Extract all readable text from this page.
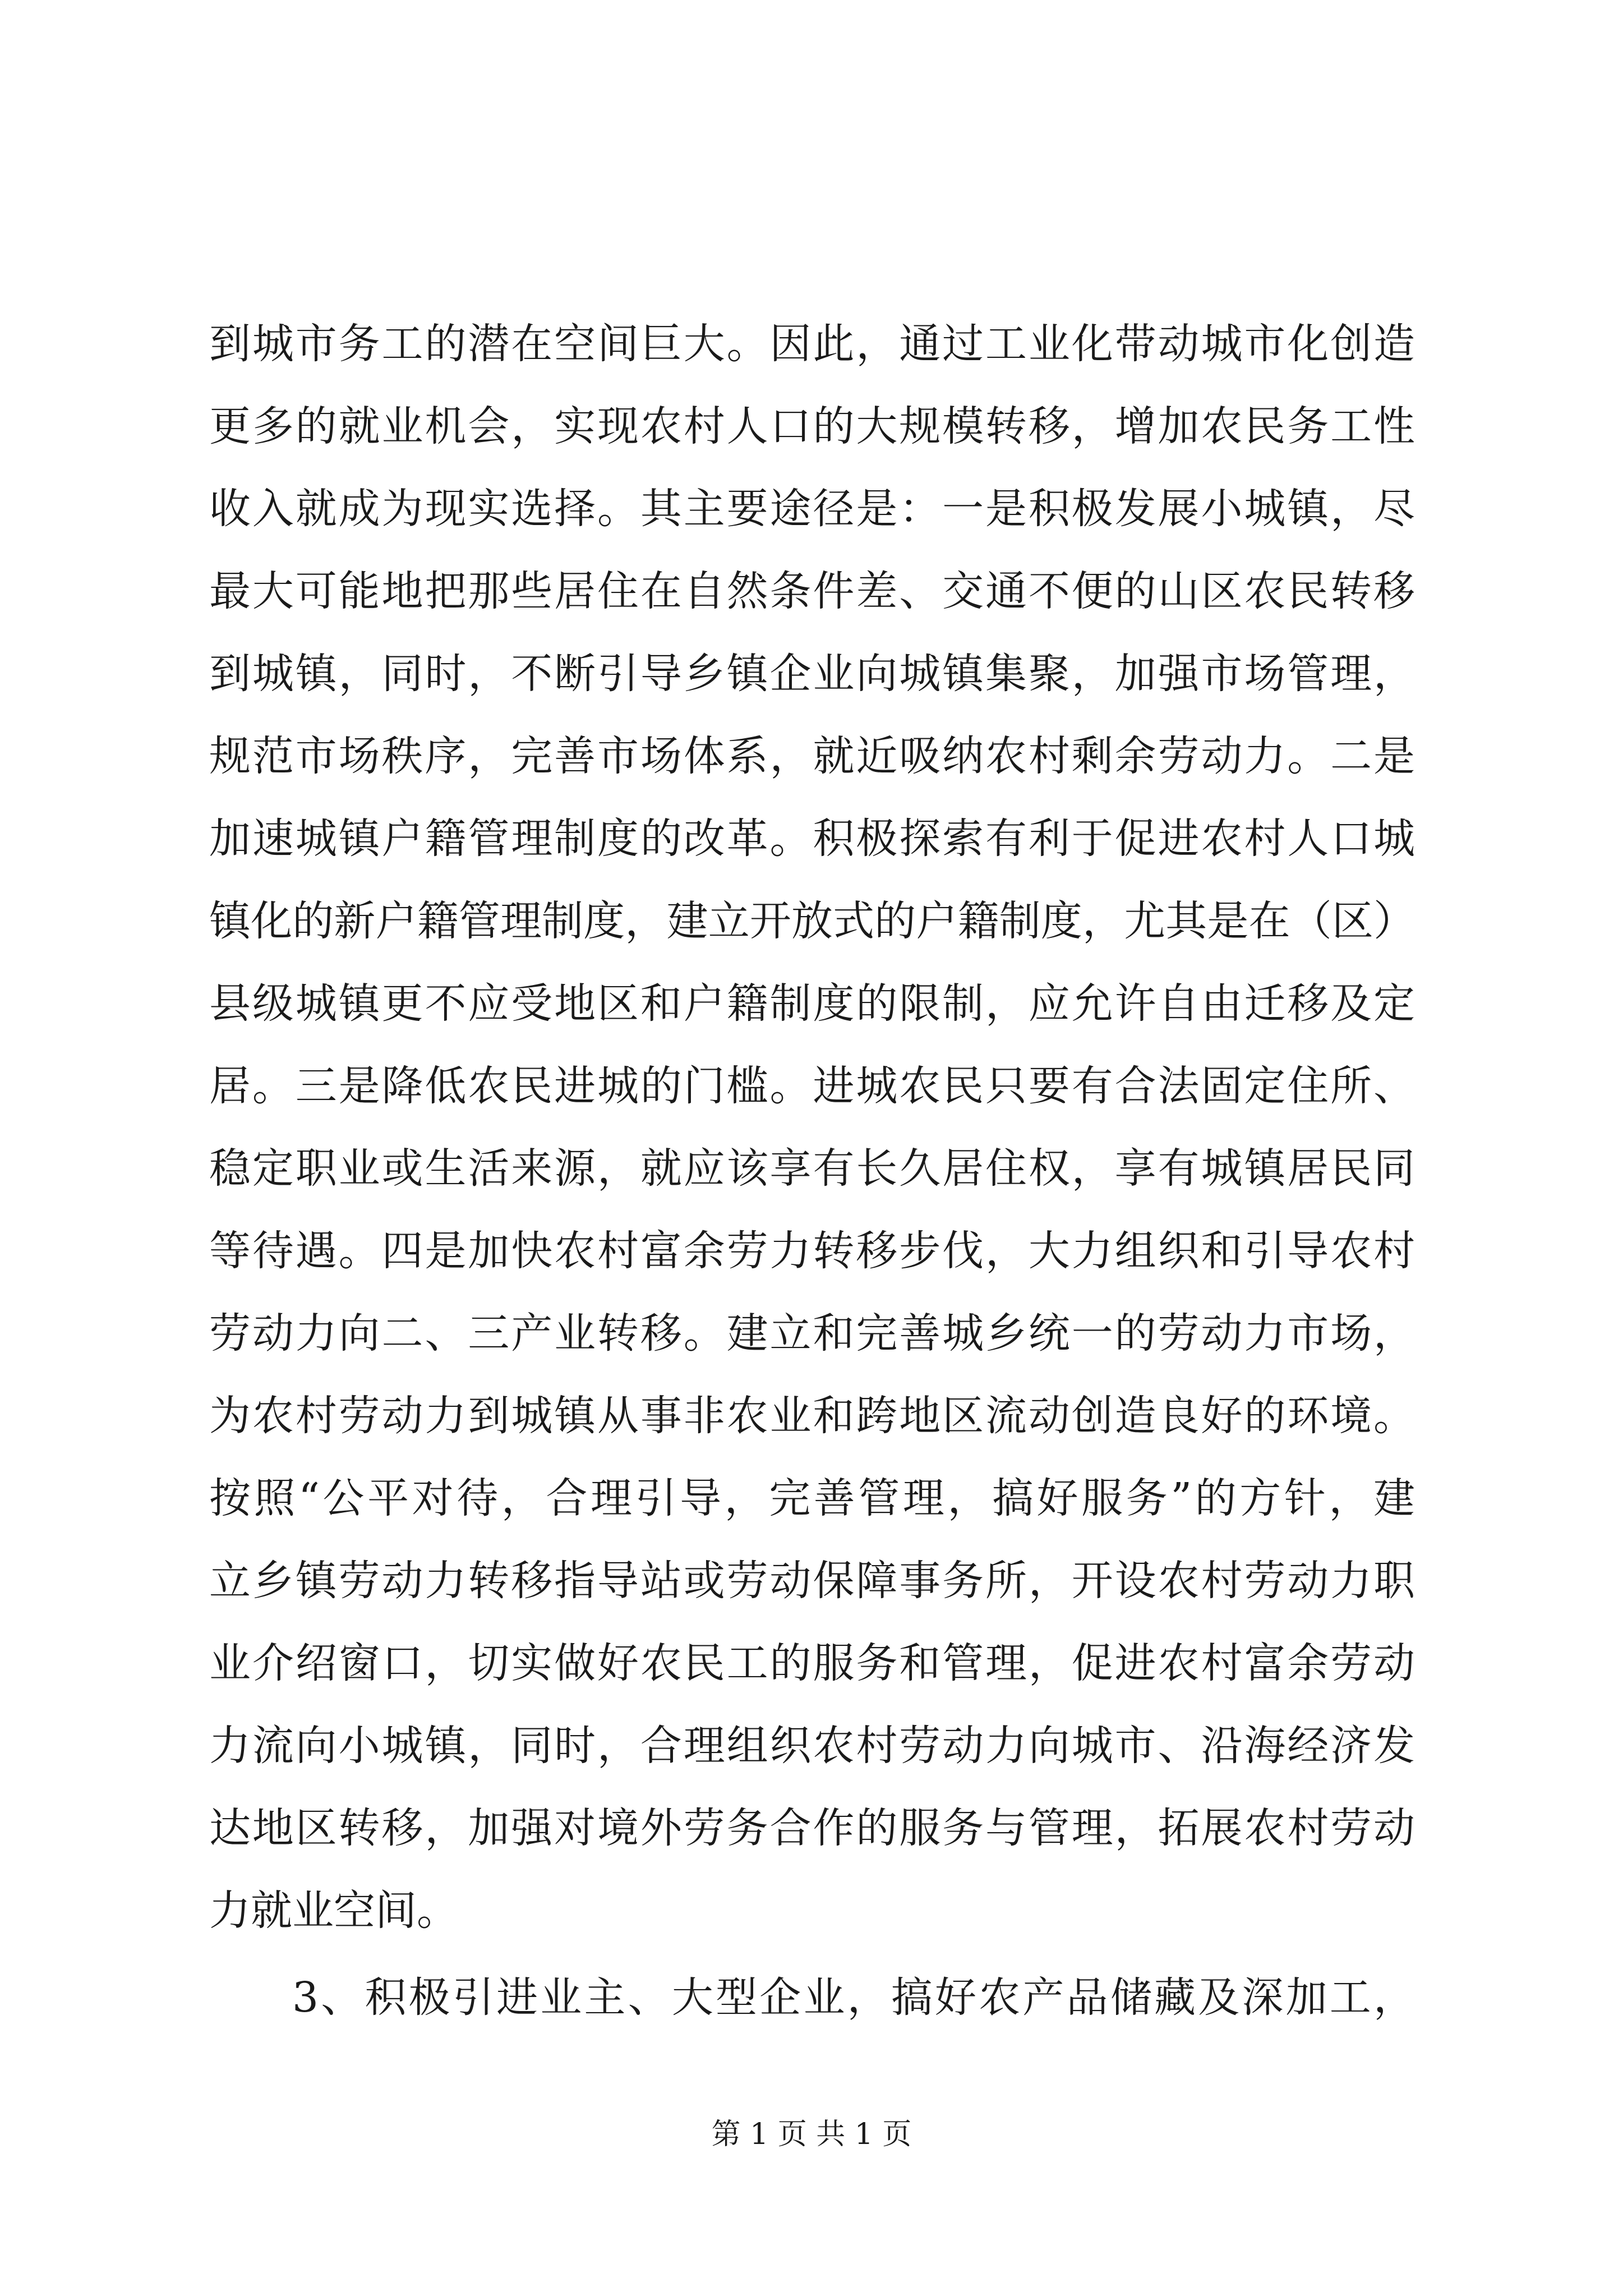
到城市务工的潜在空间巨大。因此，通过工业化带动城市化创造
更多的就业机会，实现农村人口的大规模转移，增加农民务工性
收入就成为现实选择。其主要途径是：一是积极发展小城镇，尽
最大可能地把那些居住在自然条件差、交通不便的山区农民转移
到城镇，同时，不断引导乡镇企业向城镇集聚，加强市场管理，
规范市场秩序，完善市场体系，就近吸纳农村剩余劳动力。二是
加速城镇户籍管理制度的改革。积极探索有利于促进农村人口城
镇化的新户籍管理制度，建立开放式的户籍制度，尤其是在（区）
县级城镇更不应受地区和户籍制度的限制，应允许自由迁移及定
居。三是降低农民进城的门槛。进城农民只要有合法固定住所、
稳定职业或生活来源，就应该享有长久居住权，享有城镇居民同
等待遇。四是加快农村富余劳力转移步伐，大力组织和引导农村
劳动力向二、三产业转移。建立和完善城乡统一的劳动力市场，
为农村劳动力到城镇从事非农业和跨地区流动创造良好的环境。
按照“公平对待，合理引导，完善管理，搞好服务”的方针，建
立乡镇劳动力转移指导站或劳动保障事务所，开设农村劳动力职
业介绍窗口，切实做好农民工的服务和管理，促进农村富余劳动
力流向小城镇，同时，合理组织农村劳动力向城市、沿海经济发
达地区转移，加强对境外劳务合作的服务与管理，拓展农村劳动
力就业空间。
3、积极引进业主、大型企业，搞好农产品储藏及深加工，
第 1 页 共 1 页
